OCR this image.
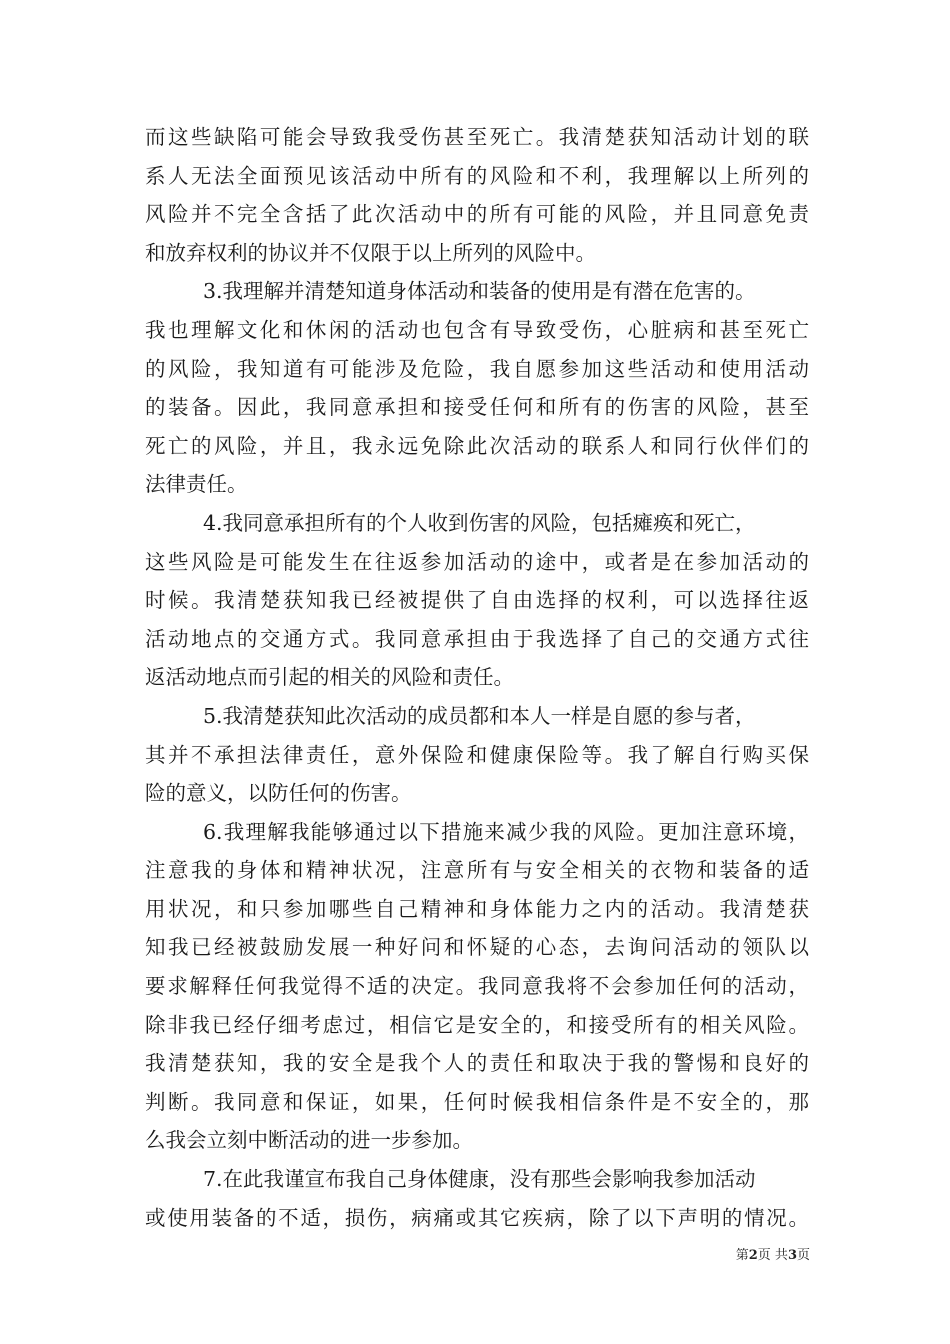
而这些缺陷可能会导致我受伤甚至死亡。我清楚获知活动计划的联
系人无法全面预见该活动中所有的风险和不利，我理解以上所列的
风险并不完全含括了此次活动中的所有可能的风险，并且同意免责
和放弃权利的协议并不仅限于以上所列的风险中。
3.我理解并清楚知道身体活动和装备的使用是有潜在危害的。
我也理解文化和休闲的活动也包含有导致受伤，心脏病和甚至死亡
的风险，我知道有可能涉及危险，我自愿参加这些活动和使用活动
的装备。因此，我同意承担和接受任何和所有的伤害的风险，甚至
死亡的风险，并且，我永远免除此次活动的联系人和同行伙伴们的
法律责任。
4.我同意承担所有的个人收到伤害的风险，包括瘫痪和死亡，
这些风险是可能发生在往返参加活动的途中，或者是在参加活动的
时候。我清楚获知我已经被提供了自由选择的权利，可以选择往返
活动地点的交通方式。我同意承担由于我选择了自己的交通方式往
返活动地点而引起的相关的风险和责任。
5.我清楚获知此次活动的成员都和本人一样是自愿的参与者，
其并不承担法律责任，意外保险和健康保险等。我了解自行购买保
险的意义，以防任何的伤害。
6.我理解我能够通过以下措施来减少我的风险。更加注意环境，
注意我的身体和精神状况，注意所有与安全相关的衣物和装备的适
用状况，和只参加哪些自己精神和身体能力之内的活动。我清楚获
知我已经被鼓励发展一种好问和怀疑的心态，去询问活动的领队以
要求解释任何我觉得不适的决定。我同意我将不会参加任何的活动，
除非我已经仔细考虑过，相信它是安全的，和接受所有的相关风险。
我清楚获知，我的安全是我个人的责任和取决于我的警惕和良好的
判断。我同意和保证，如果，任何时候我相信条件是不安全的，那
么我会立刻中断活动的进一步参加。
7.在此我谨宣布我自己身体健康，没有那些会影响我参加活动
或使用装备的不适，损伤，病痛或其它疾病，除了以下声明的情况。
第2页 共3页
